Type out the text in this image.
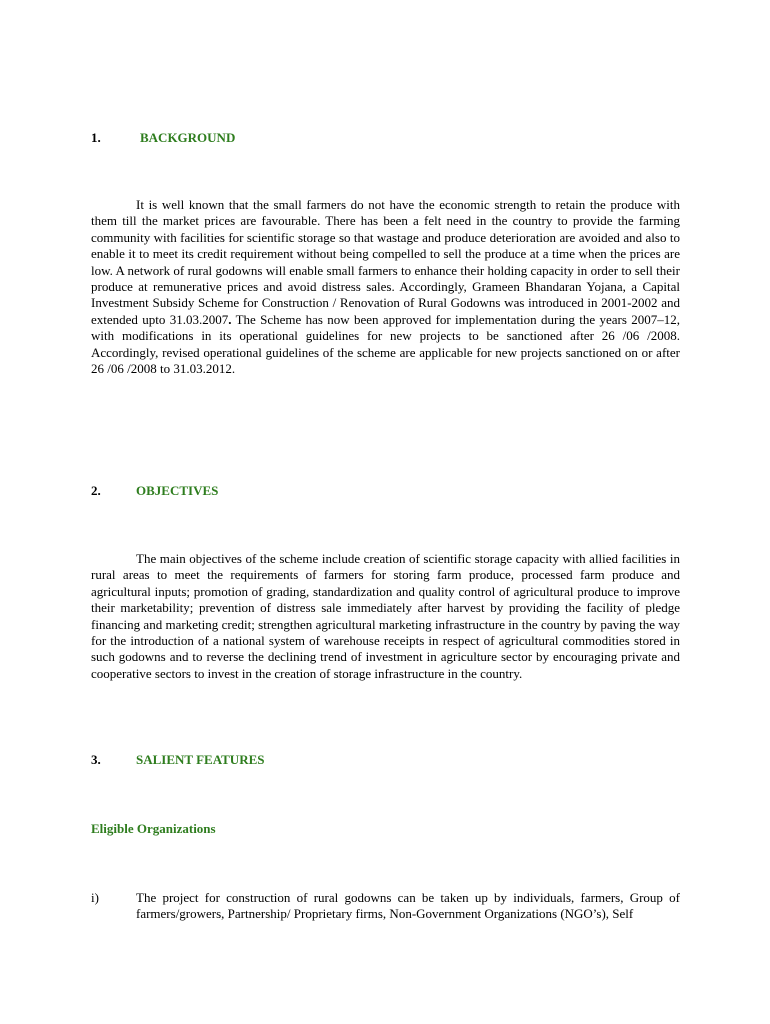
1.	BACKGROUND

It is well known that the small farmers do not have the economic strength to retain the produce with them till the market prices are favourable. There has been a felt need in the country to provide the farming community with facilities for scientific storage so that wastage and produce deterioration are avoided and also to enable it to meet its credit requirement without being compelled to sell the produce at a time when the prices are low. A network of rural godowns will enable small farmers to enhance their holding capacity in order to sell their produce at remunerative prices and avoid distress sales. Accordingly, Grameen Bhandaran Yojana, a Capital Investment Subsidy Scheme for Construction / Renovation of Rural Godowns was introduced in 2001-2002 and extended upto 31.03.2007. The Scheme has now been approved for implementation during the years 2007–12, with modifications in its operational guidelines for new projects to be sanctioned after 26 /06 /2008. Accordingly, revised operational guidelines of the scheme are applicable for new projects sanctioned on or after 26 /06 /2008 to 31.03.2012.

2.	OBJECTIVES

The main objectives of the scheme include creation of scientific storage capacity with allied facilities in rural areas to meet the requirements of farmers for storing farm produce, processed farm produce and agricultural inputs; promotion of grading, standardization and quality control of agricultural produce to improve their marketability; prevention of distress sale immediately after harvest by providing the facility of pledge financing and marketing credit; strengthen agricultural marketing infrastructure in the country by paving the way for the introduction of a national system of warehouse receipts in respect of agricultural commodities stored in such godowns and to reverse the declining trend of investment in agriculture sector by encouraging private and cooperative sectors to invest in the creation of storage infrastructure in the country.

3.	SALIENT FEATURES
Eligible Organizations
i)	The project for construction of rural godowns can be taken up by individuals, farmers, Group of farmers/growers, Partnership/ Proprietary firms, Non-Government Organizations (NGO’s), Self
